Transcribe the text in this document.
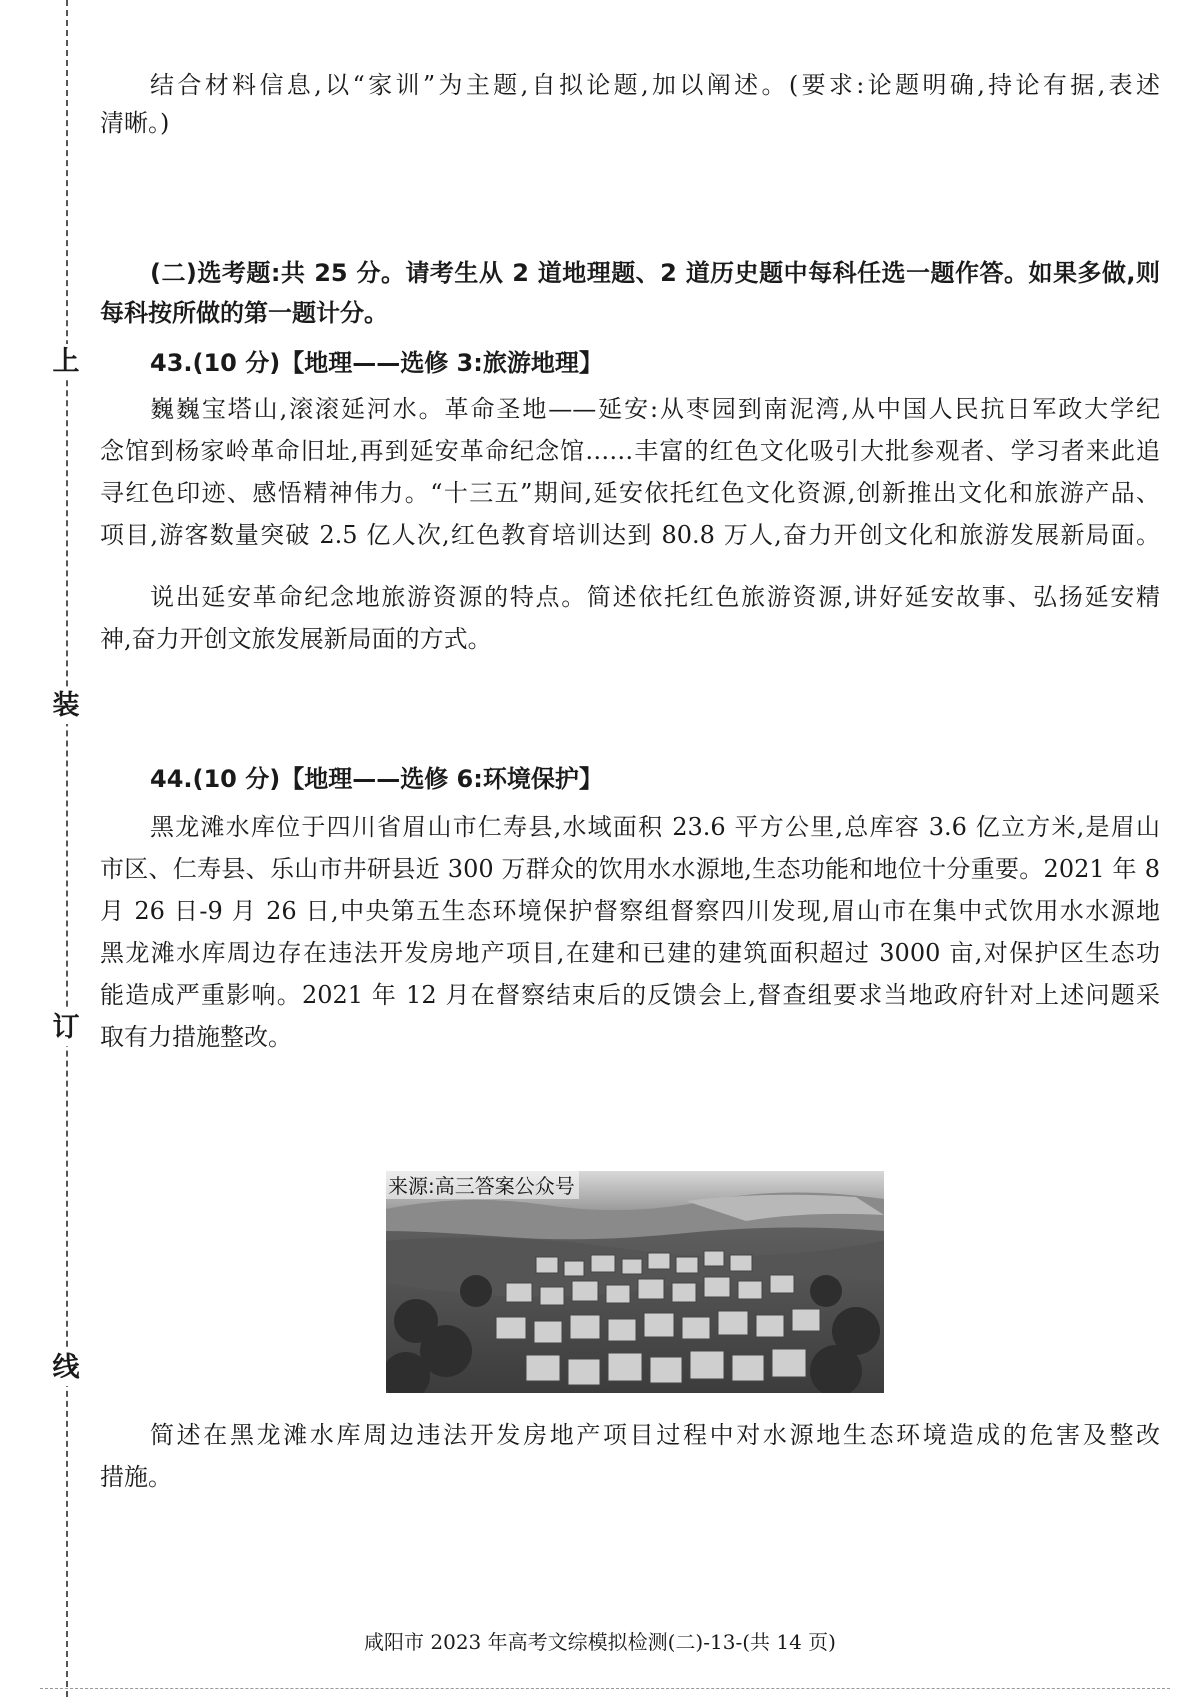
上
装
订
线
结合材料信息,以“家训”为主题,自拟论题,加以阐述。(要求:论题明确,持论有据,表述
清晰。)
(二)选考题:共 25 分。请考生从 2 道地理题、2 道历史题中每科任选一题作答。如果多做,则
每科按所做的第一题计分。
43.(10 分)【地理——选修 3:旅游地理】
巍巍宝塔山,滚滚延河水。革命圣地——延安:从枣园到南泥湾,从中国人民抗日军政大学纪
念馆到杨家岭革命旧址,再到延安革命纪念馆……丰富的红色文化吸引大批参观者、学习者来此追
寻红色印迹、感悟精神伟力。“十三五”期间,延安依托红色文化资源,创新推出文化和旅游产品、
项目,游客数量突破 2.5 亿人次,红色教育培训达到 80.8 万人,奋力开创文化和旅游发展新局面。
说出延安革命纪念地旅游资源的特点。简述依托红色旅游资源,讲好延安故事、弘扬延安精
神,奋力开创文旅发展新局面的方式。
44.(10 分)【地理——选修 6:环境保护】
黑龙滩水库位于四川省眉山市仁寿县,水域面积 23.6 平方公里,总库容 3.6 亿立方米,是眉山
市区、仁寿县、乐山市井研县近 300 万群众的饮用水水源地,生态功能和地位十分重要。2021 年 8
月 26 日-9 月 26 日,中央第五生态环境保护督察组督察四川发现,眉山市在集中式饮用水水源地
黑龙滩水库周边存在违法开发房地产项目,在建和已建的建筑面积超过 3000 亩,对保护区生态功
能造成严重影响。2021 年 12 月在督察结束后的反馈会上,督查组要求当地政府针对上述问题采
取有力措施整改。
来源:高三答案公众号
简述在黑龙滩水库周边违法开发房地产项目过程中对水源地生态环境造成的危害及整改
措施。
咸阳市 2023 年高考文综模拟检测(二)-13-(共 14 页)
